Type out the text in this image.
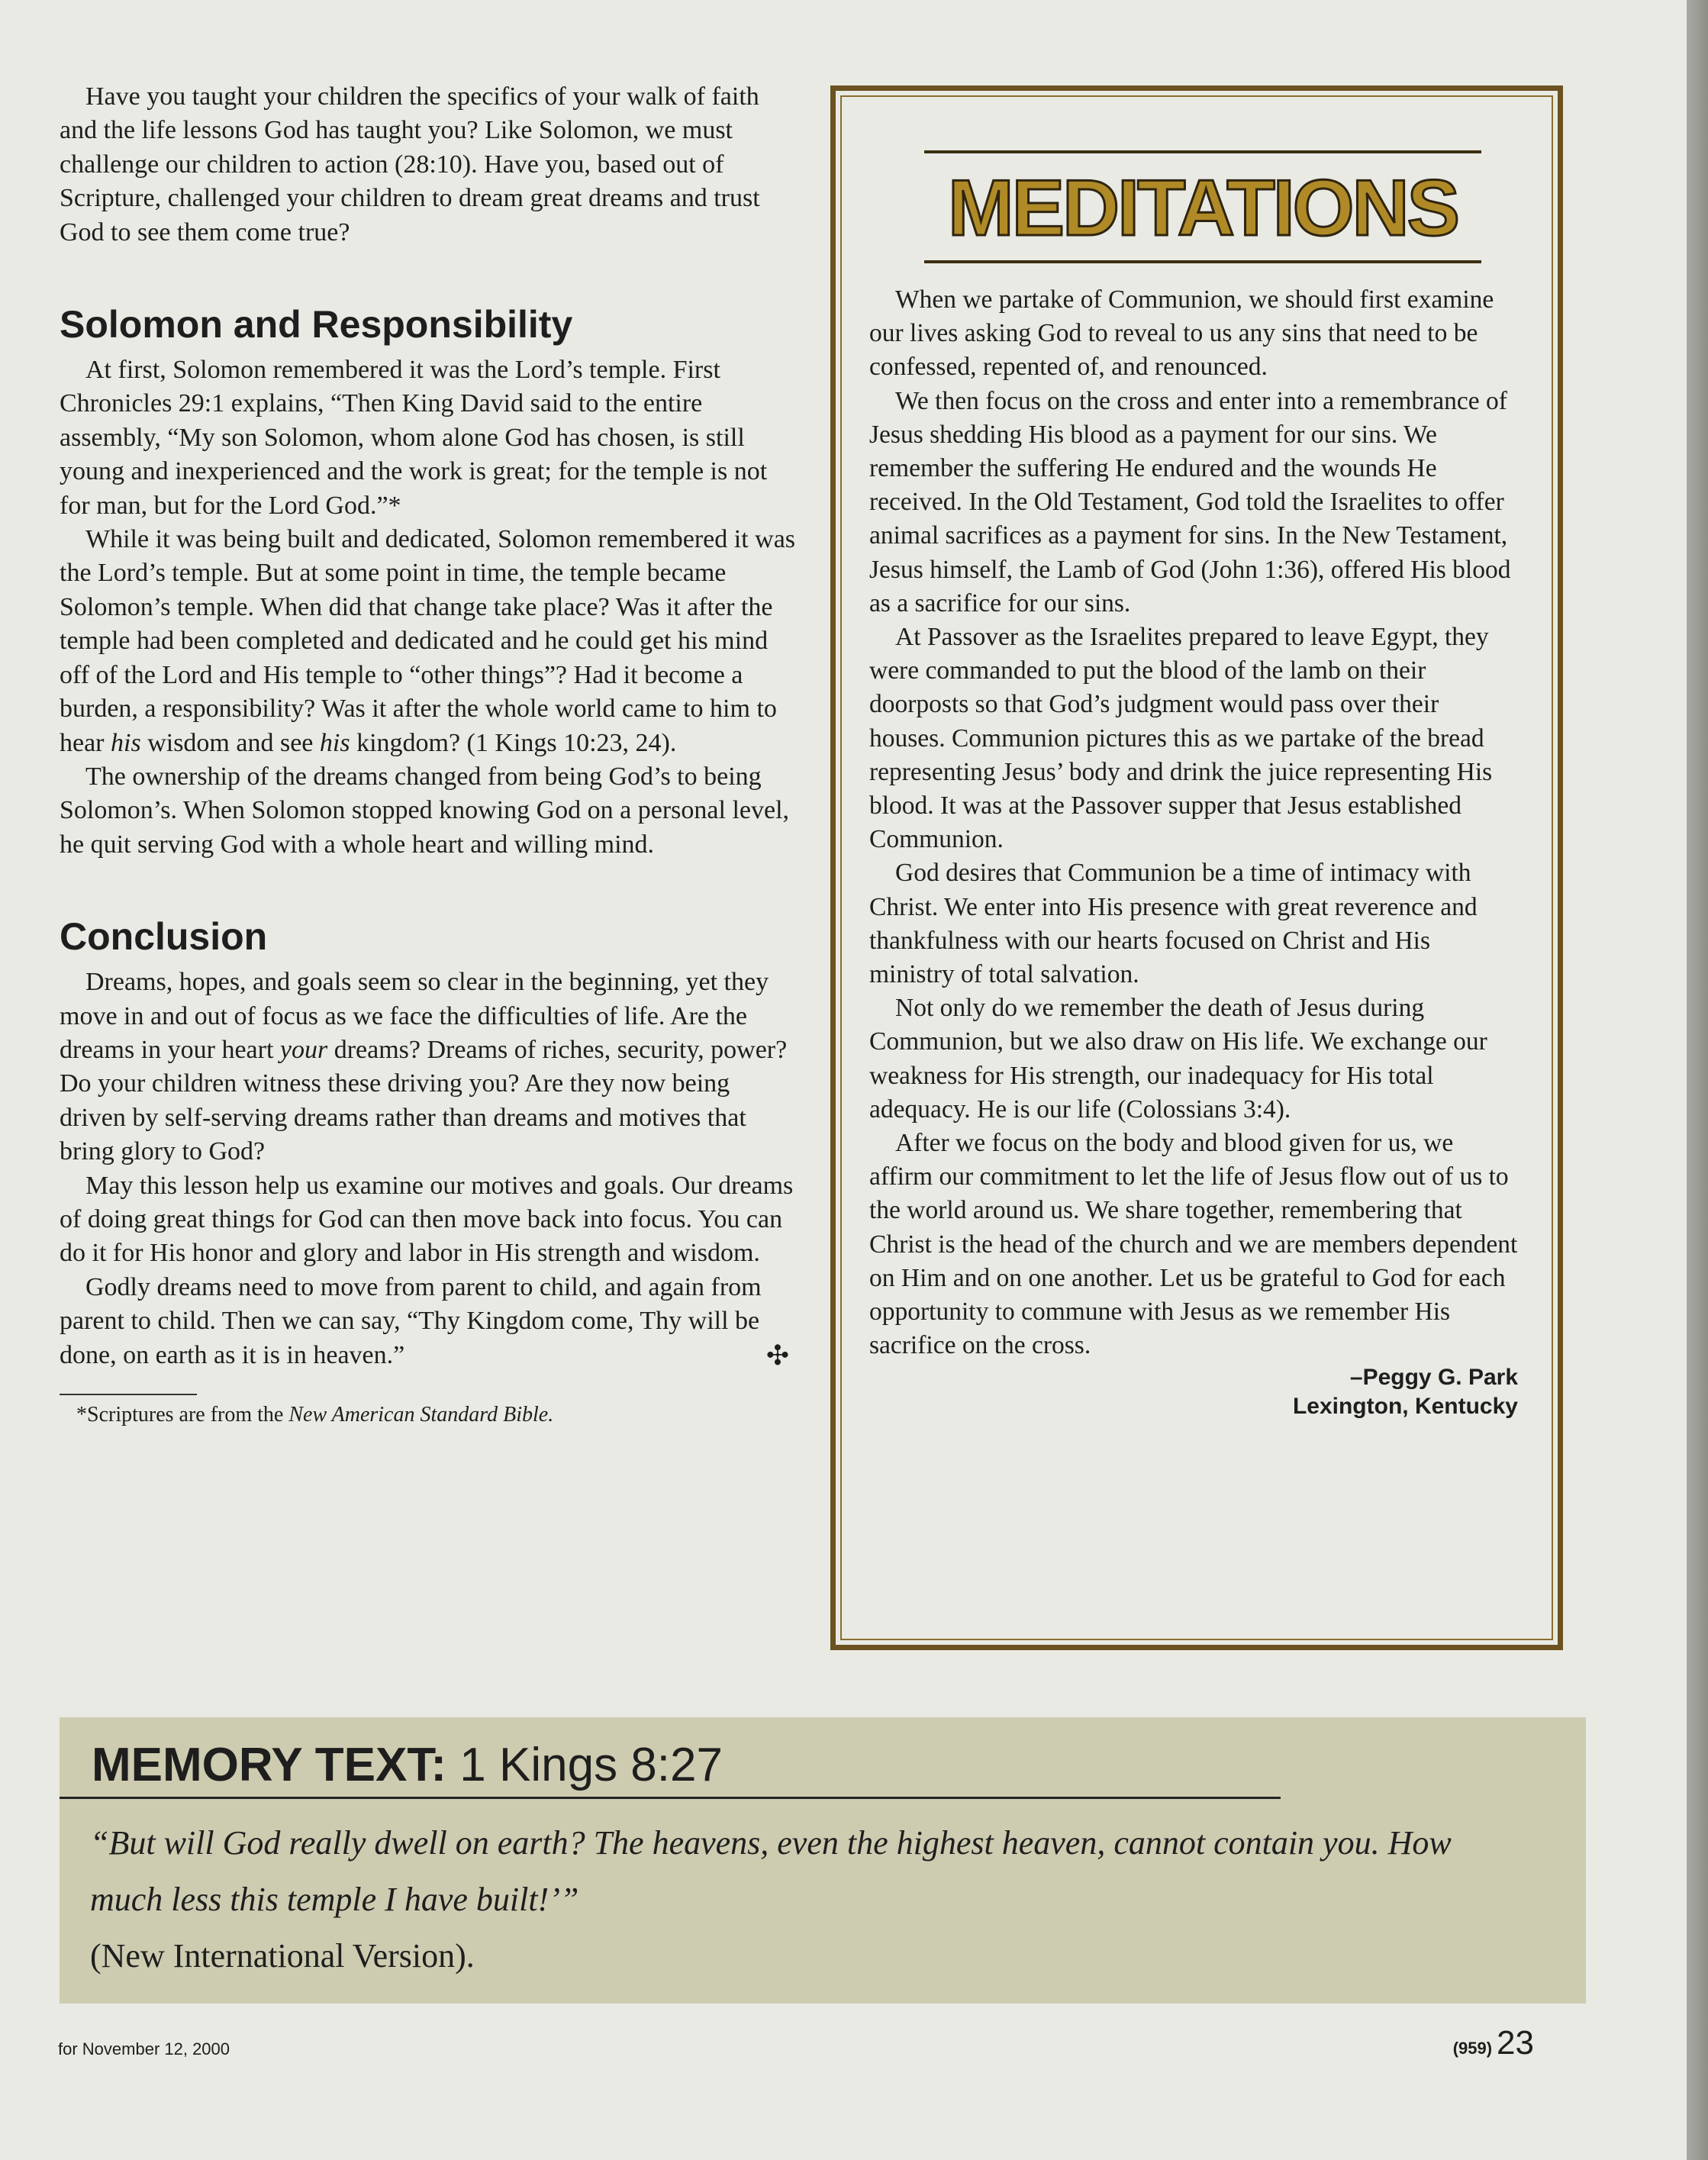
Have you taught your children the specifics of your walk of faith and the life lessons God has taught you? Like Solomon, we must challenge our children to action (28:10). Have you, based out of Scripture, challenged your children to dream great dreams and trust God to see them come true?

Solomon and Responsibility

At first, Solomon remembered it was the Lord’s temple. First Chronicles 29:1 explains, “Then King David said to the entire assembly, “My son Solomon, whom alone God has chosen, is still young and inexperienced and the work is great; for the temple is not for man, but for the Lord God.”*

While it was being built and dedicated, Solomon remembered it was the Lord’s temple. But at some point in time, the temple became Solomon’s temple. When did that change take place? Was it after the temple had been completed and dedicated and he could get his mind off of the Lord and His temple to “other things”? Had it become a burden, a responsibility? Was it after the whole world came to him to hear his wisdom and see his kingdom? (1 Kings 10:23, 24).

The ownership of the dreams changed from being God’s to being Solomon’s. When Solomon stopped knowing God on a personal level, he quit serving God with a whole heart and willing mind.

Conclusion

Dreams, hopes, and goals seem so clear in the beginning, yet they move in and out of focus as we face the difficulties of life. Are the dreams in your heart your dreams? Dreams of riches, security, power? Do your children witness these driving you? Are they now being driven by self-serving dreams rather than dreams and motives that bring glory to God?

May this lesson help us examine our motives and goals. Our dreams of doing great things for God can then move back into focus. You can do it for His honor and glory and labor in His strength and wisdom.

Godly dreams need to move from parent to child, and again from parent to child. Then we can say, “Thy Kingdom come, Thy will be done, on earth as it is in heaven.”	✣

*Scriptures are from the New American Standard Bible.

MEDITATIONS

When we partake of Communion, we should first examine our lives asking God to reveal to us any sins that need to be confessed, repented of, and renounced.

We then focus on the cross and enter into a remembrance of Jesus shedding His blood as a payment for our sins. We remember the suffering He endured and the wounds He received. In the Old Testament, God told the Israelites to offer animal sacrifices as a payment for sins. In the New Testament, Jesus himself, the Lamb of God (John 1:36), offered His blood as a sacrifice for our sins.

At Passover as the Israelites prepared to leave Egypt, they were commanded to put the blood of the lamb on their doorposts so that God’s judgment would pass over their houses. Communion pictures this as we partake of the bread representing Jesus’ body and drink the juice representing His blood. It was at the Passover supper that Jesus established Communion.

God desires that Communion be a time of intimacy with Christ. We enter into His presence with great reverence and thankfulness with our hearts focused on Christ and His ministry of total salvation.

Not only do we remember the death of Jesus during Communion, but we also draw on His life. We exchange our weakness for His strength, our inadequacy for His total adequacy. He is our life (Colossians 3:4).

After we focus on the body and blood given for us, we affirm our commitment to let the life of Jesus flow out of us to the world around us. We share together, remembering that Christ is the head of the church and we are members dependent on Him and on one another. Let us be grateful to God for each opportunity to commune with Jesus as we remember His sacrifice on the cross.

–Peggy G. Park
Lexington, Kentucky
MEMORY TEXT: 1 Kings 8:27
“But will God really dwell on earth? The heavens, even the highest heaven, cannot contain you. How much less this temple I have built!’”
(New International Version).
for November 12, 2000	(959) 23
